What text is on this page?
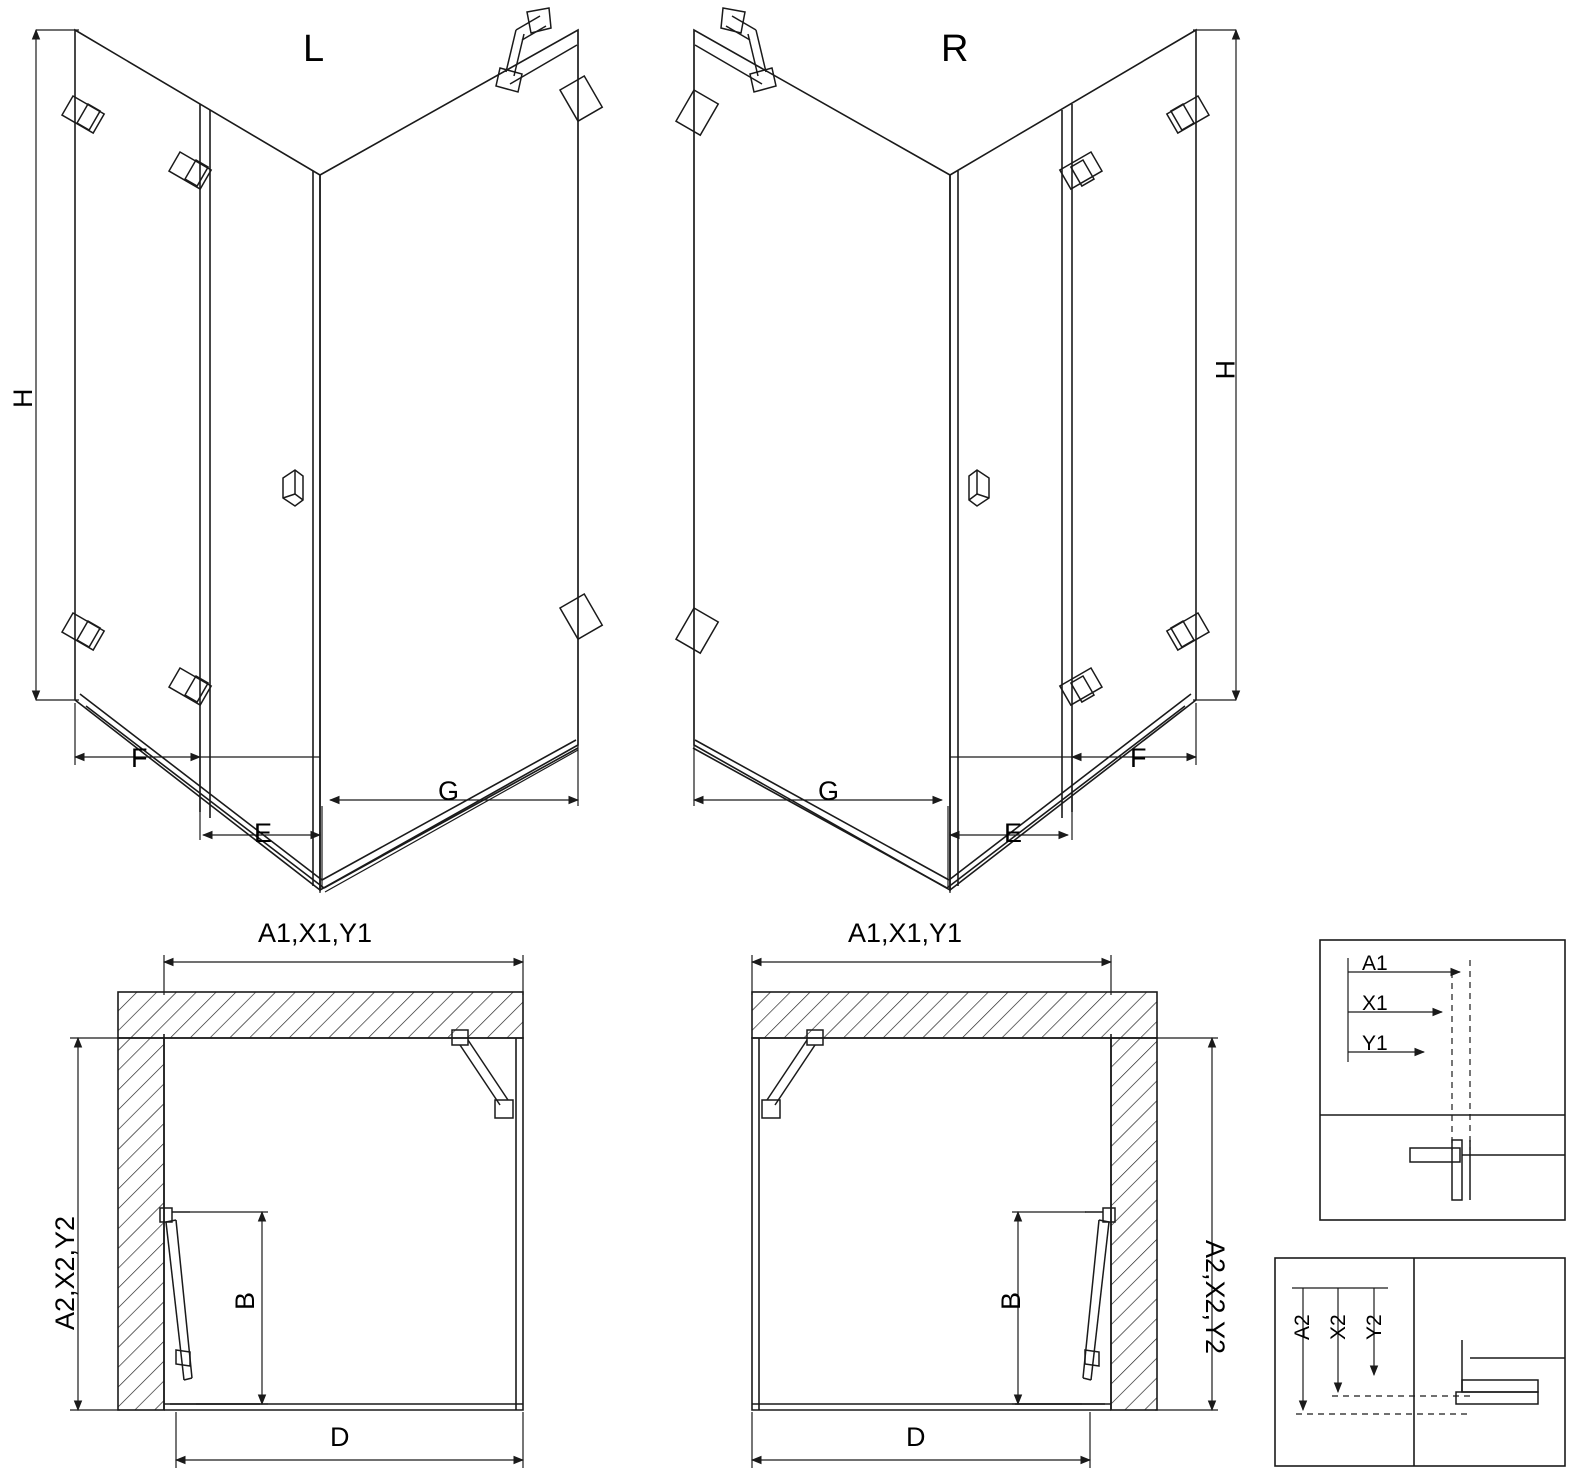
L	R
H
H
F
E
G
F
E
G
A1,X1,Y1
A2,X2,Y2	B
D
A1,X1,Y1
A2,X2,Y2
B
D
A1
X1
Y1
A2 X2 Y2
